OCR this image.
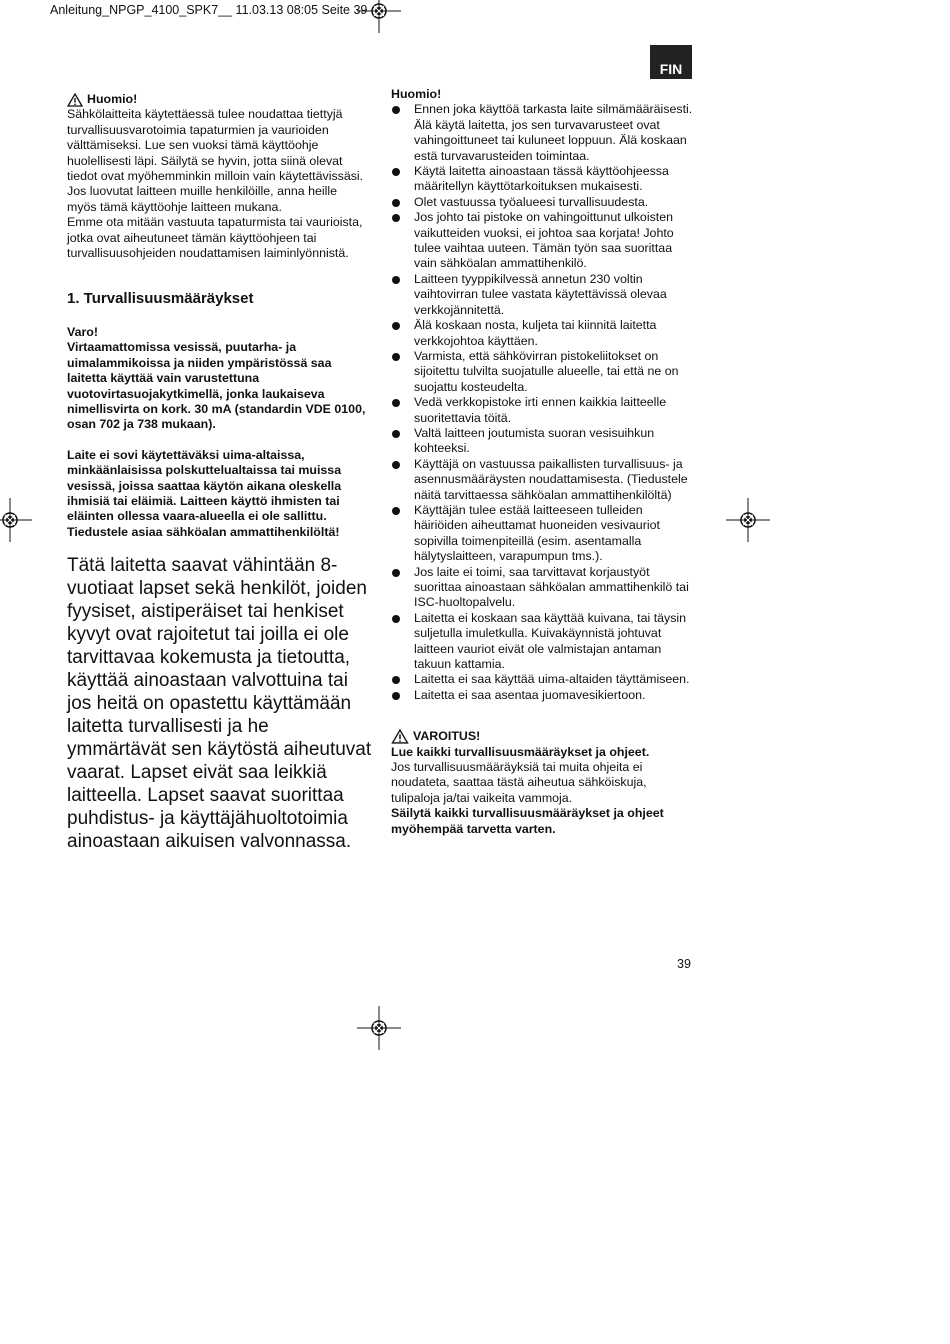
Anleitung_NPGP_4100_SPK7__ 11.03.13 08:05 Seite 39
FIN
Huomio!

Sähkölaitteita käytettäessä tulee noudattaa tiettyjä turvallisuusvarotoimia tapaturmien ja vaurioiden välttämiseksi. Lue sen vuoksi tämä käyttöohje huolellisesti läpi. Säilytä se hyvin, jotta siinä olevat tiedot ovat myöhemminkin milloin vain käytettävissäsi. Jos luovutat laitteen muille henkilöille, anna heille myös tämä käyttöohje laitteen mukana.

Emme ota mitään vastuuta tapaturmista tai vaurioista, jotka ovat aiheutuneet tämän käyttöohjeen tai turvallisuusohjeiden noudattamisen laiminlyönnistä.

1. Turvallisuusmääräykset

Varo!

Virtaamattomissa vesissä, puutarha- ja uimalammikoissa ja niiden ympäristössä saa laitetta käyttää vain varustettuna vuotovirtasuojakytkimellä, jonka laukaiseva nimellisvirta on kork. 30 mA (standardin VDE 0100, osan 702 ja 738 mukaan).

Laite ei sovi käytettäväksi uima-altaissa, minkäänlaisissa polskuttelualtaissa tai muissa vesissä, joissa saattaa käytön aikana oleskella ihmisiä tai eläimiä. Laitteen käyttö ihmisten tai eläinten ollessa vaara-alueella ei ole sallittu. Tiedustele asiaa sähköalan ammattihenkilöltä!

Tätä laitetta saavat vähintään 8-vuotiaat lapset sekä henkilöt, joiden fyysiset, aistiperäiset tai henkiset kyvyt ovat rajoitetut tai joilla ei ole tarvittavaa kokemusta ja tietoutta, käyttää ainoastaan valvottuina tai jos heitä on opastettu käyttämään laitetta turvallisesti ja he ymmärtävät sen käytöstä aiheutuvat vaarat. Lapset eivät saa leikkiä laitteella. Lapset saavat suorittaa puhdistus- ja käyttäjähuoltotoimia ainoastaan aikuisen valvonnassa.

Huomio!

Ennen joka käyttöä tarkasta laite silmämääräisesti. Älä käytä laitetta, jos sen turvavarusteet ovat vahingoittuneet tai kuluneet loppuun. Älä koskaan estä turvavarusteiden toimintaa.
Käytä laitetta ainoastaan tässä käyttöohjeessa määritellyn käyttötarkoituksen mukaisesti.
Olet vastuussa työalueesi turvallisuudesta.
Jos johto tai pistoke on vahingoittunut ulkoisten vaikutteiden vuoksi, ei johtoa saa korjata! Johto tulee vaihtaa uuteen. Tämän työn saa suorittaa vain sähköalan ammattihenkilö.
Laitteen tyyppikilvessä annetun 230 voltin vaihtovirran tulee vastata käytettävissä olevaa verkkojännitettä.
Älä koskaan nosta, kuljeta tai kiinnitä laitetta verkkojohtoa käyttäen.
Varmista, että sähkövirran pistokeliitokset on sijoitettu tulvilta suojatulle alueelle, tai että ne on suojattu kosteudelta.
Vedä verkkopistoke irti ennen kaikkia laitteelle suoritettavia töitä.
Valtä laitteen joutumista suoran vesisuihkun kohteeksi.
Käyttäjä on vastuussa paikallisten turvallisuus- ja asennusmääräysten noudattamisesta. (Tiedustele näitä tarvittaessa sähköalan ammattihenkilöltä)
Käyttäjän tulee estää laitteeseen tulleiden häiriöiden aiheuttamat huoneiden vesivauriot sopivilla toimenpiteillä (esim. asentamalla hälytyslaitteen, varapumpun tms.).
Jos laite ei toimi, saa tarvittavat korjaustyöt suorittaa ainoastaan sähköalan ammattihenkilö tai ISC-huoltopalvelu.
Laitetta ei koskaan saa käyttää kuivana, tai täysin suljetulla imuletkulla. Kuivakäynnistä johtuvat laitteen vauriot eivät ole valmistajan antaman takuun kattamia.
Laitetta ei saa käyttää uima-altaiden täyttämiseen.
Laitetta ei saa asentaa juomavesikiertoon.
VAROITUS!

Lue kaikki turvallisuusmääräykset ja ohjeet.

Jos turvallisuusmääräyksiä tai muita ohjeita ei noudateta, saattaa tästä aiheutua sähköiskuja, tulipaloja ja/tai vaikeita vammoja.

Säilytä kaikki turvallisuusmääräykset ja ohjeet myöhempää tarvetta varten.

39
